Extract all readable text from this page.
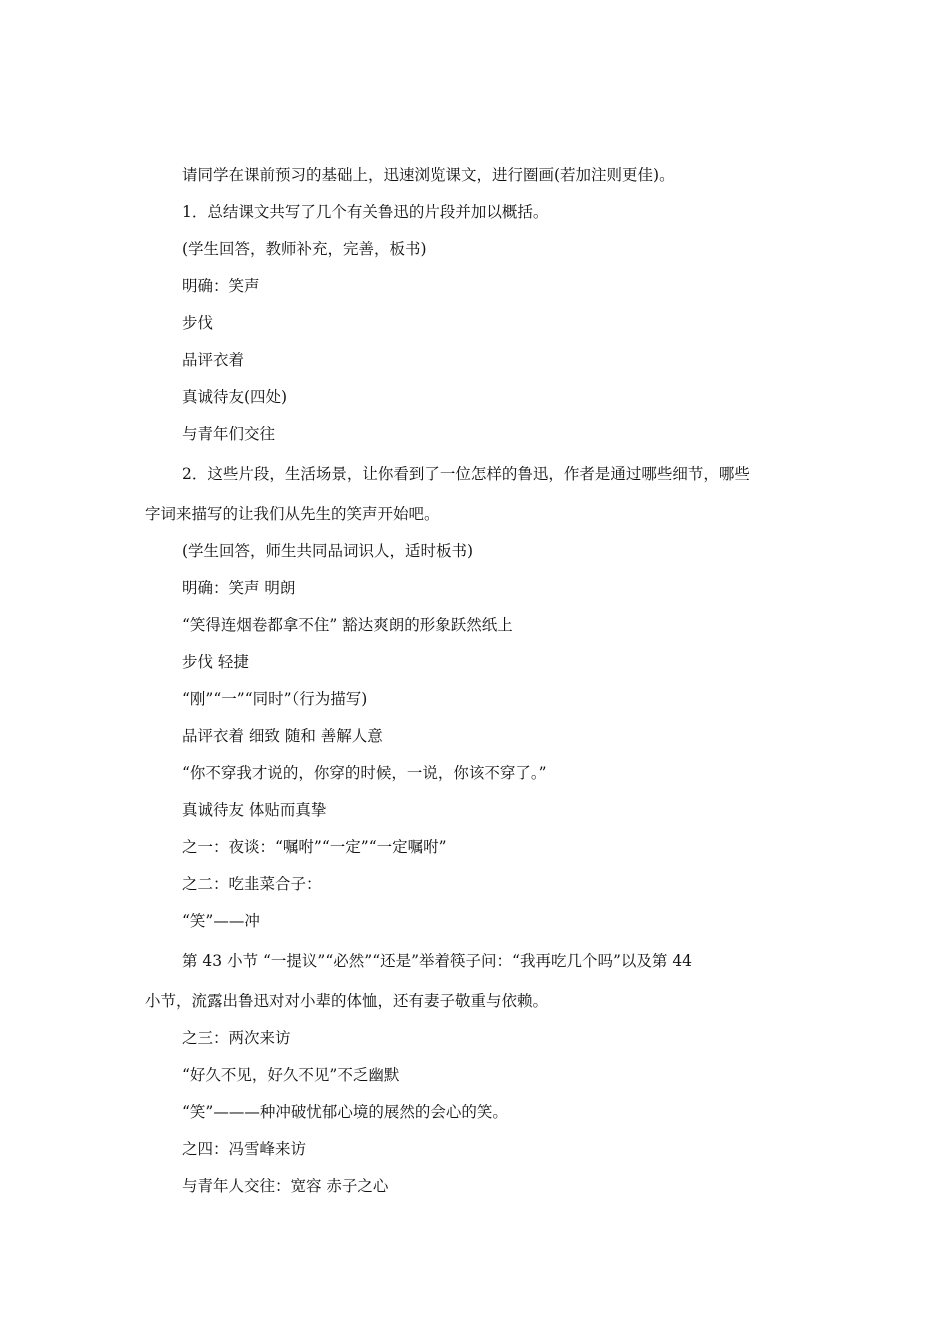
请同学在课前预习的基础上，迅速浏览课文，进行圈画(若加注则更佳)。
1．总结课文共写了几个有关鲁迅的片段并加以概括。
(学生回答，教师补充，完善，板书)
明确：笑声
步伐
品评衣着
真诚待友(四处)
与青年们交往
2．这些片段，生活场景，让你看到了一位怎样的鲁迅，作者是通过哪些细节，哪些
字词来描写的让我们从先生的笑声开始吧。
(学生回答，师生共同品词识人，适时板书)
明确：笑声 明朗
“笑得连烟卷都拿不住” 豁达爽朗的形象跃然纸上
步伐 轻捷
“刚”“一”“同时”（行为描写)
品评衣着 细致 随和 善解人意
“你不穿我才说的，你穿的时候，一说，你该不穿了。”
真诚待友 体贴而真挚
之一：夜谈：“嘱咐”“一定”“一定嘱咐”
之二：吃韭菜合子：
“笑”——冲
第 43 小节 “一提议”“必然”“还是”举着筷子问：“我再吃几个吗”以及第 44
小节，流露出鲁迅对对小辈的体恤，还有妻子敬重与依赖。
之三：两次来访
“好久不见，好久不见”不乏幽默
“笑”———种冲破忧郁心境的展然的会心的笑。
之四：冯雪峰来访
与青年人交往：宽容 赤子之心
